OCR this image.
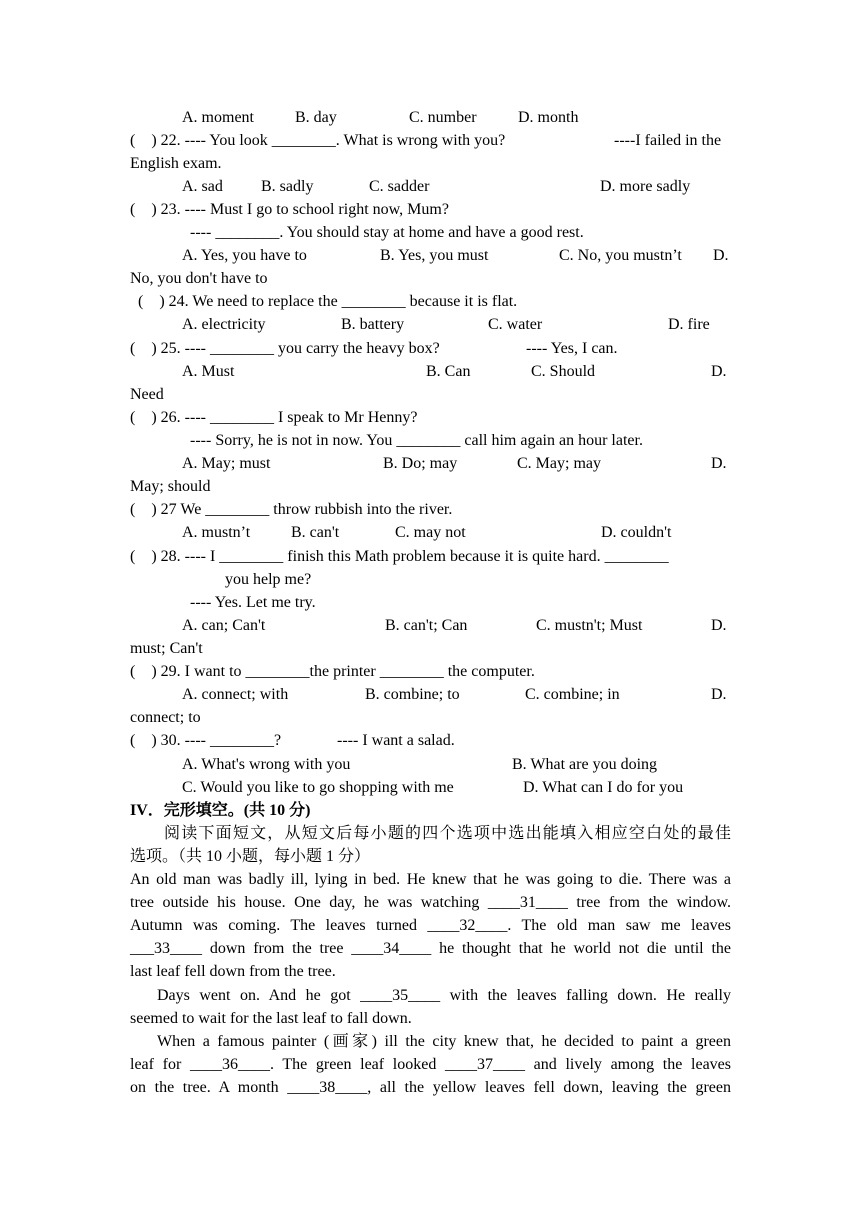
A. moment	B. day	C. number	D. month
(    ) 22. ---- You look ________. What is wrong with you?	----I failed in the
English exam.
A. sad B. sadly	C. sadder	D. more sadly
(    ) 23. ---- Must I go to school right now, Mum?
---- ________. You should stay at home and have a good rest.
A. Yes, you have to	B. Yes, you must	C. No, you mustn’t D.
No, you don't have to
(    ) 24. We need to replace the ________ because it is flat.
A. electricity	B. battery	C. water	D. fire
(    ) 25. ---- ________ you carry the heavy box?	---- Yes, I can.
A. Must	B. Can	C. Should	D.
Need
(    ) 26. ---- ________ I speak to Mr Henny?
---- Sorry, he is not in now. You ________ call him again an hour later.
A. May; must	B. Do; may	C. May; may	D.
May; should
(    ) 27 We ________ throw rubbish into the river.
A. mustn’t	B. can't	C. may not	D. couldn't
(    ) 28. ---- I ________ finish this Math problem because it is quite hard. ________
you help me?
---- Yes. Let me try.
A. can; Can't	B. can't; Can	C. mustn't; Must	D.
must; Can't
(    ) 29. I want to ________the printer ________ the computer.
A. connect; with	B. combine; to	C. combine; in	D.
connect; to
(    ) 30. ---- ________?	---- I want a salad.
A. What's wrong with you	B. What are you doing
C. Would you like to go shopping with me	D. What can I do for you
IV．完形填空。(共 10 分)
阅读下面短文，从短文后每小题的四个选项中选出能填入相应空白处的最佳
选项。（共 10 小题，每小题 1 分）
An old man was badly ill, lying in bed. He knew that he was going to die. There was a
tree outside his house. One day, he was watching ____31____ tree from the window.
Autumn was coming. The leaves turned ____32____. The old man saw me leaves
___33____ down from the tree ____34____ he thought that he world not die until the
last leaf fell down from the tree.
Days went on. And he got ____35____ with the leaves falling down. He really
seemed to wait for the last leaf to fall down.
When a famous painter (画家) ill the city knew that, he decided to paint a green
leaf for ____36____. The green leaf looked ____37____ and lively among the leaves
on the tree. A month ____38____, all the yellow leaves fell down, leaving the green
